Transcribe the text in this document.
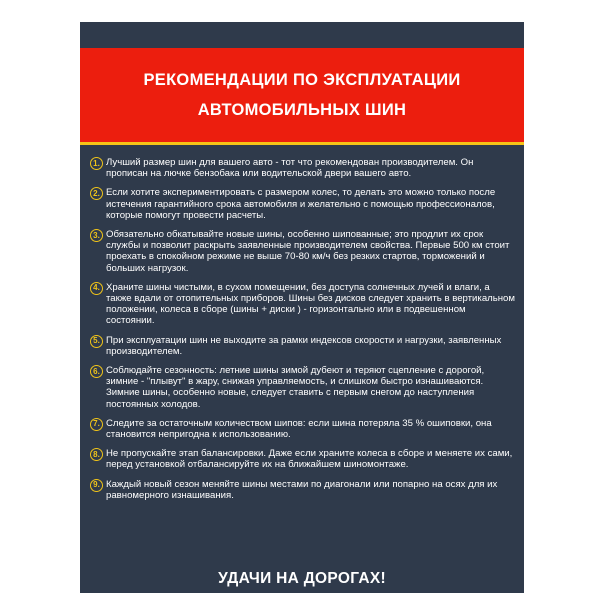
РЕКОМЕНДАЦИИ ПО ЭКСПЛУАТАЦИИ
АВТОМОБИЛЬНЫХ ШИН
1. Лучший размер шин для вашего авто - тот что рекомендован производителем. Он прописан на лючке бензобака или водительской двери вашего авто.
2. Если хотите экспериментировать с размером колес, то делать это можно только после истечения гарантийного срока автомобиля и желательно с помощью профессионалов, которые помогут провести расчеты.
3. Обязательно обкатывайте новые шины, особенно шипованные; это продлит их срок службы и позволит раскрыть заявленные производителем свойства. Первые 500 км стоит проехать в спокойном режиме не выше 70-80 км/ч без резких стартов, торможений и больших нагрузок.
4. Храните шины чистыми, в сухом помещении, без доступа солнечных лучей и влаги, а также вдали от отопительных приборов. Шины без дисков следует хранить в вертикальном положении, колеса в сборе (шины + диски ) - горизонтально или в подвешенном состоянии.
5. При эксплуатации шин не выходите за рамки индексов скорости и нагрузки, заявленных производителем.
6. Соблюдайте сезонность: летние шины зимой дубеют и теряют сцепление с дорогой, зимние - "плывут" в жару, снижая управляемость, и слишком быстро изнашиваются. Зимние шины, особенно новые, следует ставить с первым снегом до наступления постоянных холодов.
7. Следите за остаточным количеством шипов: если шина потеряла 35 % ошиповки, она становится непригодна к использованию.
8. Не пропускайте этап балансировки. Даже если храните колеса в сборе и меняете их сами, перед установкой отбалансируйте их на ближайшем шиномонтаже.
9. Каждый новый сезон меняйте шины местами по диагонали или попарно на осях для их равномерного изнашивания.
УДАЧИ НА ДОРОГАХ!
